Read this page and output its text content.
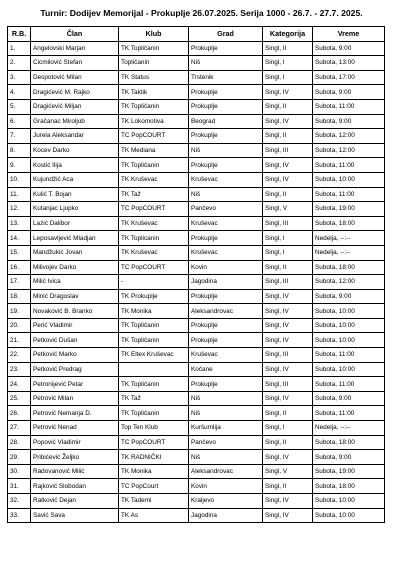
Turnir: Dodijev Memorijal - Prokuplje 26.07.2025. Serija 1000 - 26.7. - 27.7. 2025.
R.B.	Član	Klub	Grad	Kategorija	Vreme
1.	Angelovski Marjan	TK Topličanin	Prokuplje	Singl, II	Subota, 9:00
2.	Cicmilović Stefan	Topličanin	Niš	Singl, I	Subota, 13:00
3.	Despotović Milan	TK Status	Trstenik	Singl, I	Subota, 17:00
4.	Dragićević M. Rajko	TK Taktik	Prokuplje	Singl, IV	Subota, 9:00
5.	Dragićević Miljan	TK Topličanin	Prokuplje	Singl, II	Subota, 11:00
6.	Gračanac Miroljub	TK Lokomotiva	Beograd	Singl, IV	Subota, 9:00
7.	Jurela Aleksandar	TC PopCOURT	Prokuplje	Singl, II	Subota, 12:00
8.	Kocev Darko	TK Mediana	Niš	Singl, III	Subota, 12:00
9.	Kostić Ilija	TK Topličanin	Prokuplje	Singl, IV	Subota, 11:00
10.	Kujundžić Aca	TK Kruševac	Kruševac	Singl, IV	Subota, 10:00
11.	Kulić T. Bojan	TK Taž	Niš	Singl, II	Subota, 11:00
12.	Kutanjac Ljupko	TC PopCOURT	Pančevo	Singl, V	Subota, 19:00
13.	Lazić Dalibor	TK Kruševac	Kruševac	Singl, III	Subota, 18:00
14.	Leposavljević Mladjan	TK Toplicanin	Prokuplje	Singl, I	Nedelja, --:--
15.	Mandžukić Jovan	TK Kruševac	Kruševac	Singl, I	Nedelja, --:--
16.	Milivojev Darko	TC PopCOURT	Kovin	Singl, II	Subota, 18:00
17.	Milić Ivica	-	Jagodina	Singl, III	Subota, 12:00
18.	Minić Dragoslav	TK Prokuplje	Prokuplje	Singl, IV	Subota, 9:00
19.	Novaković B. Branko	TK Monika	Aleksandrovac	Singl, IV	Subota, 10:00
20.	Perić Vladimir	TK Topličanin	Prokuplje	Singl, IV	Subota, 10:00
21.	Petković Dušan	TK Topličanin	Prokuplje	Singl, IV	Subota, 10:00
22.	Petković Marko	TK Eltex Kruševac	Kruševac	Singl, III	Subota, 11:00
23.	Petković Predrag		Kočane	Singl, IV	Subota, 10:00
24.	Petronijević Petar	TK Topličanin	Prokuplje	Singl, III	Subota, 11:00
25.	Petrović Milan	TK Taž	Niš	Singl, IV	Subota, 9:00
26.	Petrović Nemanja D.	TK Topličanin	Niš	Singl, II	Subota, 11:00
27.	Petrović Nenad	Top Ten Klub	Kuršumlija	Singl, I	Nedelja, --:--
28.	Popović Vladimir	TC PopCOURT	Pančevo	Singl, II	Subota, 18:00
29.	Pribićević Željko	TK RADNIČKI	Niš	Singl, IV	Subota, 9:00
30.	Radovanović Milić	TK Monika	Aleksandrovac	Singl, V	Subota, 19:00
31.	Rajković Slobodan	TC PopCourt	Kovin	Singl, II	Subota, 18:00
32.	Ratković Dejan	TK Tademi	Kraljevo	Singl, IV	Subota, 10:00
33.	Savić Sava	TK As	Jagodina	Singl, IV	Subota, 10:00
